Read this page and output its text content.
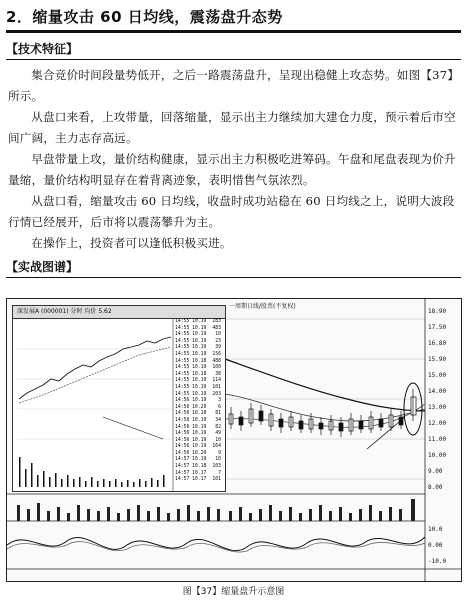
2．缩量攻击 60 日均线，震荡盘升态势
【技术特征】

集合竞价时间段量势低开，之后一路震荡盘升，呈现出稳健上攻态势。如图【37】所示。

从盘口来看，上攻带量，回落缩量，显示出主力继续加大建仓力度，预示着后市空间广阔，主力志存高远。

早盘带量上攻，量价结构健康，显示出主力积极吃进筹码。午盘和尾盘表现为价升量缩，量价结构明显存在着背离迹象，表明惜售气氛浓烈。

从盘口看，缩量攻击 60 日均线，收盘时成功站稳在 60 日均线之上，说明大波段行情已经展开，后市将以震荡攀升为主。

在操作上，投资者可以逢低积极买进。

【实战图谱】
18.90
17.50
16.80
15.90
15.00
14.00
13.00
12.00
11.00
10.00
9.00
8.00
10.0
0.00
-10.0
一周期日线/股票(不复权)
深发展A (000001) 分时 均价 5.62
14:55 10.19 283
14:55 10.19 483
14:55 10.19 10
14:55 10.19 23
14:55 10.19 39
14:55 10.19 156
14:55 10.18 488
14:55 10.19 100
14:55 10.18 38
14:55 10.19 114
14:55 10.19 101
14:55 10.19 203
14:56 10.19 3
14:56 10.20 6
14:56 10.18 81
14:56 10.19 34
14:56 10.19 82
14:56 10.19 49
14:56 10.19 10
14:56 10.19 164
14:56 10.20 9
14:57 10.19 10
14:57 10.18 103
14:57 10.17 7
14:57 10.17 101
图【37】缩量盘升示意图
